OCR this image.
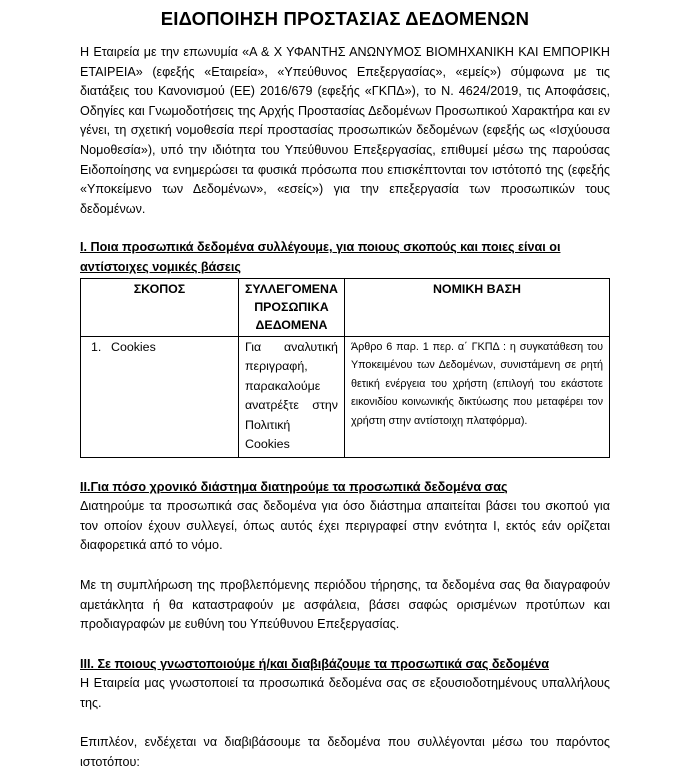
ΕΙΔΟΠΟΙΗΣΗ ΠΡΟΣΤΑΣΙΑΣ ΔΕΔΟΜΕΝΩΝ

Η Εταιρεία με την επωνυμία «Α & Χ ΥΦΑΝΤΗΣ ΑΝΩΝΥΜΟΣ ΒΙΟΜΗΧΑΝΙΚΗ ΚΑΙ ΕΜΠΟΡΙΚΗ ΕΤΑΙΡΕΙΑ» (εφεξής «Εταιρεία», «Υπεύθυνος Επεξεργασίας», «εμείς») σύμφωνα με τις διατάξεις του Κανονισμού (ΕΕ) 2016/679 (εφεξής «ΓΚΠΔ»), το Ν. 4624/2019, τις Αποφάσεις, Οδηγίες και Γνωμοδοτήσεις της Αρχής Προστασίας Δεδομένων Προσωπικού Χαρακτήρα και εν γένει, τη σχετική νομοθεσία περί προστασίας προσωπικών δεδομένων (εφεξής ως «Ισχύουσα Νομοθεσία»), υπό την ιδιότητα του Υπεύθυνου Επεξεργασίας, επιθυμεί μέσω της παρούσας Ειδοποίησης να ενημερώσει τα φυσικά πρόσωπα που επισκέπτονται τον ιστότοπό της (εφεξής «Υποκείμενο των Δεδομένων», «εσείς») για την επεξεργασία των προσωπικών τους δεδομένων.

I. Ποια προσωπικά δεδομένα συλλέγουμε, για ποιους σκοπούς και ποιες είναι οι αντίστοιχες νομικές βάσεις

ΣΚΟΠΟΣ	ΣΥΛΛΕΓΟΜΕΝΑ ΠΡΟΣΩΠΙΚΑ ΔΕΔΟΜΕΝΑ	ΝΟΜΙΚΗ ΒΑΣΗ
1. Cookies	Για αναλυτική περιγραφή, παρακαλούμε ανατρέξτε στην Πολιτική Cookies	Άρθρο 6 παρ. 1 περ. α΄ ΓΚΠΔ : η συγκατάθεση του Υποκειμένου των Δεδομένων, συνιστάμενη σε ρητή θετική ενέργεια του χρήστη (επιλογή του εκάστοτε εικονιδίου κοινωνικής δικτύωσης που μεταφέρει τον χρήστη στην αντίστοιχη πλατφόρμα).

II.Για πόσο χρονικό διάστημα διατηρούμε τα προσωπικά δεδομένα σας

Διατηρούμε τα προσωπικά σας δεδομένα για όσο διάστημα απαιτείται βάσει του σκοπού για τον οποίον έχουν συλλεγεί, όπως αυτός έχει περιγραφεί στην ενότητα Ι, εκτός εάν ορίζεται διαφορετικά από το νόμο.

Με τη συμπλήρωση της προβλεπόμενης περιόδου τήρησης, τα δεδομένα σας θα διαγραφούν αμετάκλητα ή θα καταστραφούν με ασφάλεια, βάσει σαφώς ορισμένων προτύπων και προδιαγραφών με ευθύνη του Υπεύθυνου Επεξεργασίας.

III. Σε ποιους γνωστοποιούμε ή/και διαβιβάζουμε τα προσωπικά σας δεδομένα

Η Εταιρεία μας γνωστοποιεί τα προσωπικά δεδομένα σας σε εξουσιοδοτημένους υπαλλήλους της.

Επιπλέον, ενδέχεται να διαβιβάσουμε τα δεδομένα που συλλέγονται μέσω του παρόντος ιστοτόπου:
